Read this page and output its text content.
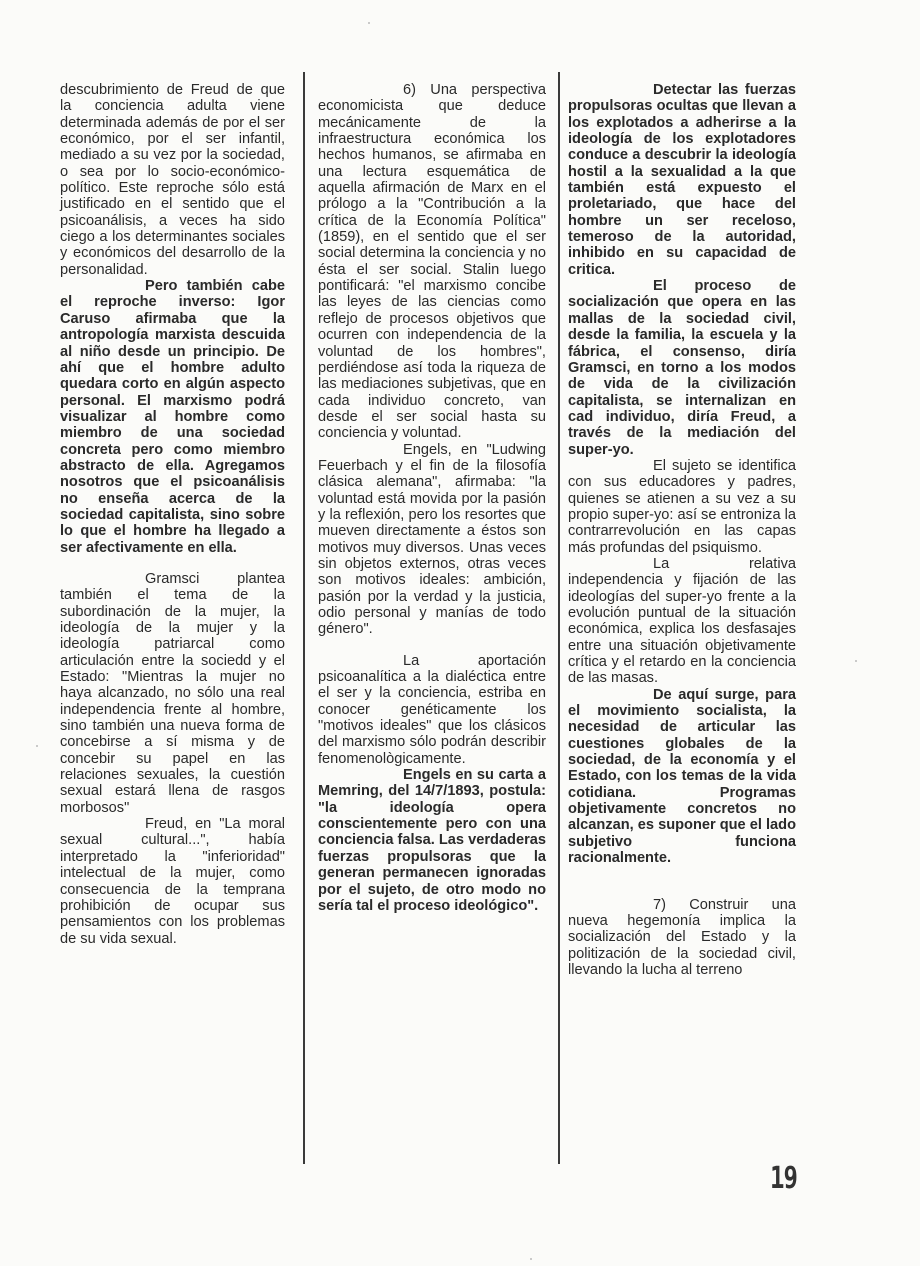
descubrimiento de Freud de que la conciencia adulta viene determinada además de por el ser económico, por el ser infantil, mediado a su vez por la sociedad, o sea por lo socio-económico-político. Este reproche sólo está justificado en el sentido que el psicoanálisis, a veces ha sido ciego a los determinantes sociales y económicos del desarrollo de la personalidad.

Pero también cabe el reproche inverso: Igor Caruso afirmaba que la antropología marxista descuida al niño desde un principio. De ahí que el hombre adulto quedara corto en algún aspecto personal. El marxismo podrá visualizar al hombre como miembro de una sociedad concreta pero como miembro abstracto de ella. Agregamos nosotros que el psicoanálisis no enseña acerca de la sociedad capitalista, sino sobre lo que el hombre ha llegado a ser afectivamente en ella.

Gramsci plantea también el tema de la subordinación de la mujer, la ideología de la mujer y la ideología patriarcal como articulación entre la sociedd y el Estado: "Mientras la mujer no haya alcanzado, no sólo una real independencia frente al hombre, sino también una nueva forma de concebirse a sí misma y de concebir su papel en las relaciones sexuales, la cuestión sexual estará llena de rasgos morbosos"

Freud, en "La moral sexual cultural...", había interpretado la "inferioridad" intelectual de la mujer, como consecuencia de la temprana prohibición de ocupar sus pensamientos con los problemas de su vida sexual.

6) Una perspectiva economicista que deduce mecánicamente de la infraestructura económica los hechos humanos, se afirmaba en una lectura esquemática de aquella afirmación de Marx en el prólogo a la "Contribución a la crítica de la Economía Política" (1859), en el sentido que el ser social determina la conciencia y no ésta el ser social. Stalin luego pontificará: "el marxismo concibe las leyes de las ciencias como reflejo de procesos objetivos que ocurren con independencia de la voluntad de los hombres", perdiéndose así toda la riqueza de las mediaciones subjetivas, que en cada individuo concreto, van desde el ser social hasta su conciencia y voluntad.

Engels, en "Ludwing Feuerbach y el fin de la filosofía clásica alemana", afirmaba: "la voluntad está movida por la pasión y la reflexión, pero los resortes que mueven directamente a éstos son motivos muy diversos. Unas veces sin objetos externos, otras veces son motivos ideales: ambición, pasión por la verdad y la justicia, odio personal y manías de todo género".

La aportación psicoanalítica a la dialéctica entre el ser y la conciencia, estriba en conocer genéticamente los "motivos ideales" que los clásicos del marxismo sólo podrán describir fenomenològicamente.

Engels en su carta a Memring, del 14/7/1893, postula: "la ideología opera conscientemente pero con una conciencia falsa. Las verdaderas fuerzas propulsoras que la generan permanecen ignoradas por el sujeto, de otro modo no sería tal el proceso ideológico".

Detectar las fuerzas propulsoras ocultas que llevan a los explotados a adherirse a la ideología de los explotadores conduce a descubrir la ideología hostil a la sexualidad a la que también está expuesto el proletariado, que hace del hombre un ser receloso, temeroso de la autoridad, inhibido en su capacidad de critica.

El proceso de socialización que opera en las mallas de la sociedad civil, desde la familia, la escuela y la fábrica, el consenso, diría Gramsci, en torno a los modos de vida de la civilización capitalista, se internalizan en cad individuo, diría Freud, a través de la mediación del super-yo.

El sujeto se identifica con sus educadores y padres, quienes se atienen a su vez a su propio super-yo: así se entroniza la contrarrevolución en las capas más profundas del psiquismo.

La relativa independencia y fijación de las ideologías del super-yo frente a la evolución puntual de la situación económica, explica los desfasajes entre una situación objetivamente crítica y el retardo en la conciencia de las masas.

De aquí surge, para el movimiento socialista, la necesidad de articular las cuestiones globales de la sociedad, de la economía y el Estado, con los temas de la vida cotidiana. Programas objetivamente concretos no alcanzan, es suponer que el lado subjetivo funciona racionalmente.

7) Construir una nueva hegemonía implica la socialización del Estado y la politización de la sociedad civil, llevando la lucha al terreno

19
